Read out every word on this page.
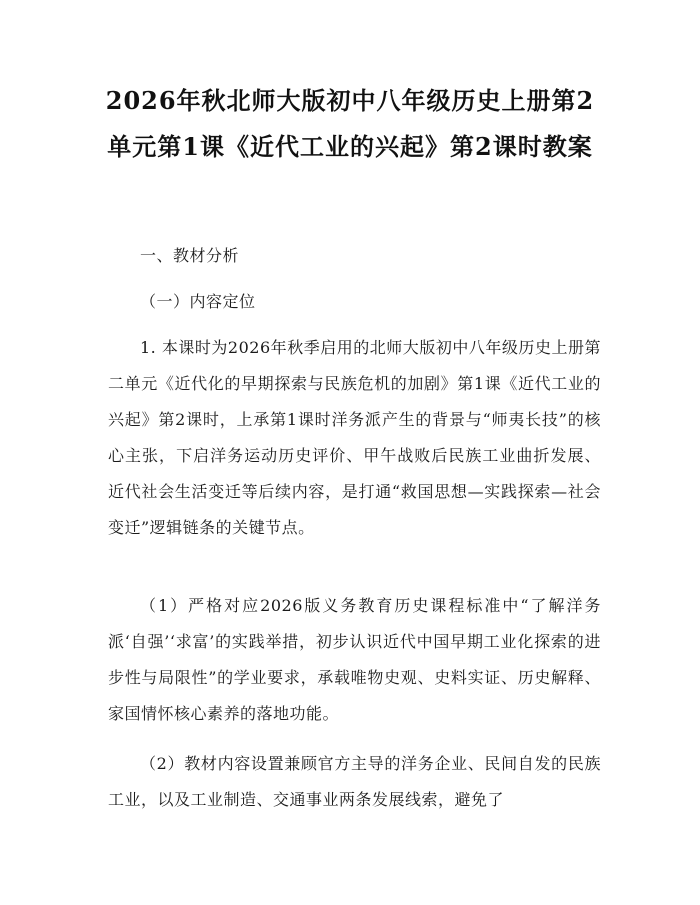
2026年秋北师大版初中八年级历史上册第2单元第1课《近代工业的兴起》第2课时教案

一、教材分析

（一）内容定位

1. 本课时为2026年秋季启用的北师大版初中八年级历史上册第二单元《近代化的早期探索与民族危机的加剧》第1课《近代工业的兴起》第2课时，上承第1课时洋务派产生的背景与“师夷长技”的核心主张，下启洋务运动历史评价、甲午战败后民族工业曲折发展、近代社会生活变迁等后续内容，是打通“救国思想—实践探索—社会变迁”逻辑链条的关键节点。

（1）严格对应2026版义务教育历史课程标准中“了解洋务派‘自强’‘求富’的实践举措，初步认识近代中国早期工业化探索的进步性与局限性”的学业要求，承载唯物史观、史料实证、历史解释、家国情怀核心素养的落地功能。

（2）教材内容设置兼顾官方主导的洋务企业、民间自发的民族工业，以及工业制造、交通事业两条发展线索，避免了
